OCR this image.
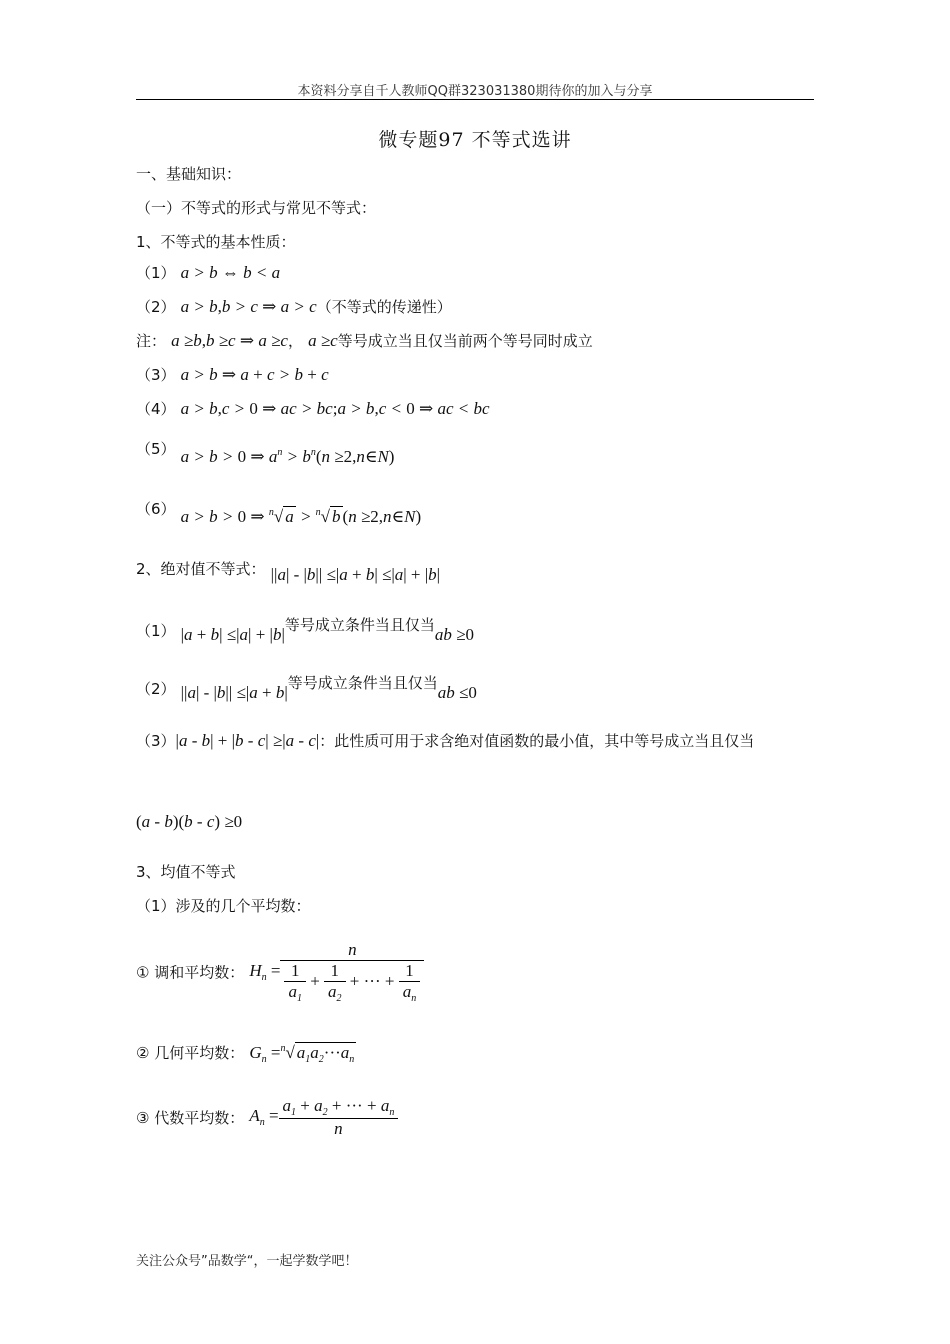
本资料分享自千人教师QQ群323031380期待你的加入与分享
微专题97 不等式选讲
一、基础知识：
（一）不等式的形式与常见不等式：
1、不等式的基本性质：
（1） a > b ⇔ b < a
（2） a > b,b > c ⇒ a > c（不等式的传递性）
注： a ≥b,b ≥c ⇒ a ≥c， a ≥c等号成立当且仅当前两个等号同时成立
（3） a > b ⇒ a + c > b + c
（4） a > b,c > 0 ⇒ ac > bc;a > b,c < 0 ⇒ ac < bc
（5） a > b > 0 ⇒ $a^n > b^n(n$ ≥2,n∈N)
（6） a > b > 0 ⇒ $^n$√ a > $^n$√ b (n ≥2,n∈N)
2、绝对值不等式： ||a| - |b|| ≤|a + b| ≤|a| + |b|
（1） |a + b| ≤|a| + |b|等号成立条件当且仅当ab ≥0
（2） ||a| - |b|| ≤|a + b|等号成立条件当且仅当ab ≤0
（3）|a - b| + |b - c| ≥|a - c|：此性质可用于求含绝对值函数的最小值，其中等号成立当且仅当
(a - b)(b - c) ≥0
3、均值不等式
（1）涉及的几个平均数：
① 调和平均数： $H_n = \frac{n}{\frac{1}{a_1} + \frac{1}{a_2} + \cdot\cdot\cdot + \frac{1}{a_n}}$
② 几何平均数： $G_n =^n√$ $a_1a_2\cdot\cdot\cdot a_n$
③ 代数平均数： $A_n = \frac{a_1 + a_2 + \cdot\cdot\cdot + a_n}{n}$
关注公众号”品数学“，一起学数学吧！
